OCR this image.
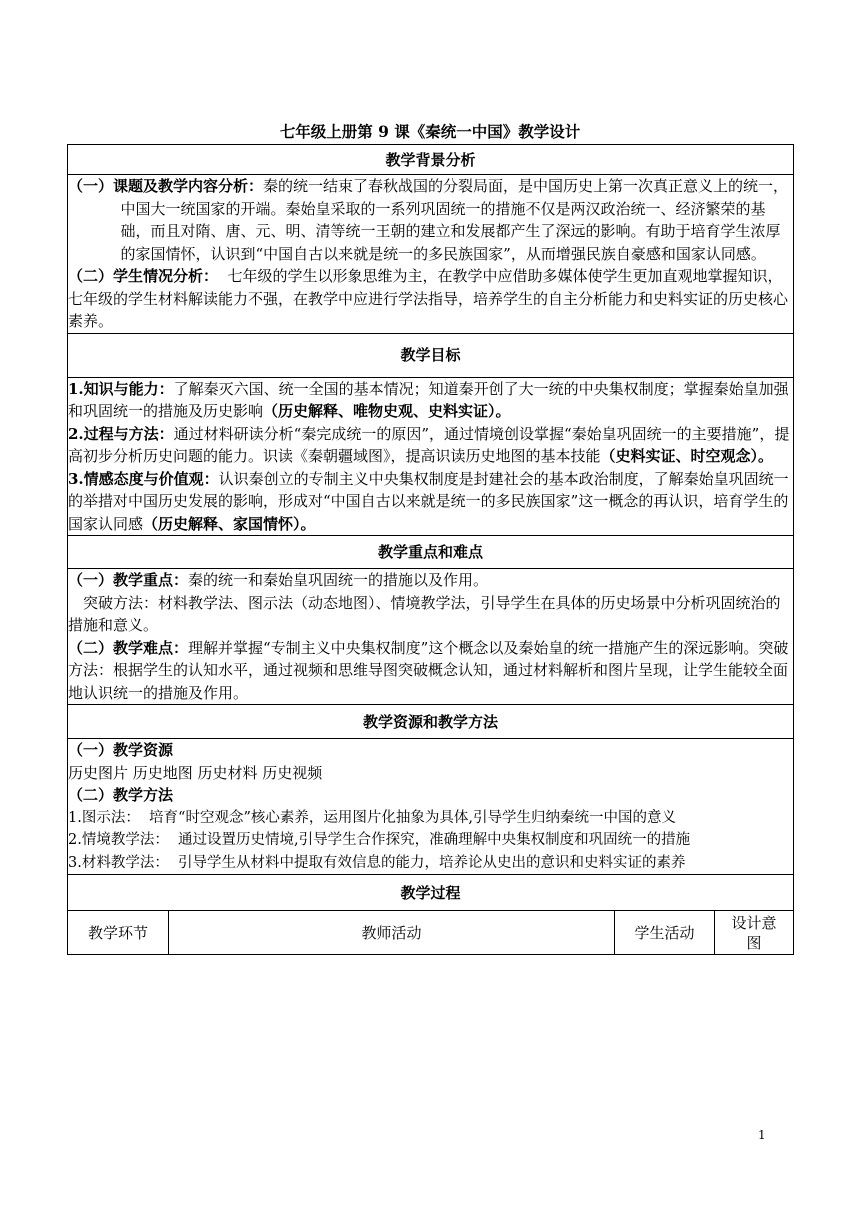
七年级上册第 9 课《秦统一中国》教学设计
教学背景分析

（一）课题及教学内容分析：秦的统一结束了春秋战国的分裂局面，是中国历史上第一次真正意义上的统一，中国大一统国家的开端。秦始皇采取的一系列巩固统一的措施不仅是两汉政治统一、经济繁荣的基础，而且对隋、唐、元、明、清等统一王朝的建立和发展都产生了深远的影响。有助于培育学生浓厚的家国情怀，认识到“中国自古以来就是统一的多民族国家”，从而增强民族自豪感和国家认同感。

（二）学生情况分析：  七年级的学生以形象思维为主，在教学中应借助多媒体使学生更加直观地掌握知识，

七年级的学生材料解读能力不强，在教学中应进行学法指导，培养学生的自主分析能力和史料实证的历史核心素养。

教学目标

1.知识与能力：了解秦灭六国、统一全国的基本情况；知道秦开创了大一统的中央集权制度；掌握秦始皇加强和巩固统一的措施及历史影响（历史解释、唯物史观、史料实证）。

2.过程与方法：通过材料研读分析“秦完成统一的原因”，通过情境创设掌握“秦始皇巩固统一的主要措施”，提高初步分析历史问题的能力。识读《秦朝疆域图》，提高识读历史地图的基本技能（史料实证、时空观念）。

3.情感态度与价值观：认识秦创立的专制主义中央集权制度是封建社会的基本政治制度，了解秦始皇巩固统一的举措对中国历史发展的影响，形成对“中国自古以来就是统一的多民族国家”这一概念的再认识，培育学生的国家认同感（历史解释、家国情怀）。

教学重点和难点

（一）教学重点：秦的统一和秦始皇巩固统一的措施以及作用。

突破方法：材料教学法、图示法（动态地图）、情境教学法，引导学生在具体的历史场景中分析巩固统治的措施和意义。

（二）教学难点：理解并掌握“专制主义中央集权制度”这个概念以及秦始皇的统一措施产生的深远影响。突破方法：根据学生的认知水平，通过视频和思维导图突破概念认知，通过材料解析和图片呈现，让学生能较全面地认识统一的措施及作用。

教学资源和教学方法

（一）教学资源

历史图片 历史地图 历史材料 历史视频

（二）教学方法

1.图示法：  培育“时空观念”核心素养，运用图片化抽象为具体,引导学生归纳秦统一中国的意义

2.情境教学法：  通过设置历史情境,引导学生合作探究，准确理解中央集权制度和巩固统一的措施

3.材料教学法：  引导学生从材料中提取有效信息的能力，培养论从史出的意识和史料实证的素养

教学过程
教学环节	教师活动	学生活动	设计意图
1
